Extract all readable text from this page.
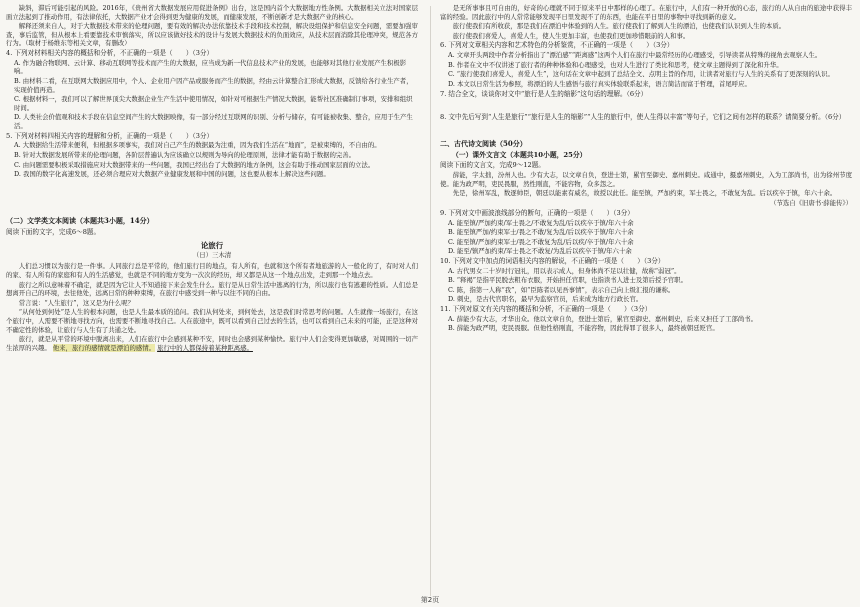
缺斜，滞后可能引起的风险。2016年，《贵州省大数据发展应用促进条例》出台，这是国内首个大数据地方性条例。大数据相关立法对国家层面立法起到了推动作用，有法律依托，大数据产业才会得到更为健康的发展，而健康发展，不断创新才是大数据产业的核心。

解释还须来自人，对于大数据技术带来的伦理问题，要有效的解决办法依靠技术手段和技术控制，解决设组保护和信息安全问题，需要加强审查，事后监管，但从根本上看要靠技术审慎落实，所以应该做好技术的设计与发展大数据技术的负面效应，从技术层面消除其伦理冲突，规范各方行为。（取材于杨维东等相关文章，有删改）

4. 下列对材料相关内容的概括和分析，不正确的一项是（　　）（3分）

A. 作为融合物联网、云计算、移动互联网等技术而产生的大数据，应当成为新一代信息技术产业的发展，也能够对其他行业发展产生积极影响。

B. 由材料二看，在互联网大数据应用中，个人、企业用户因产品或服务而产生的数据，经由云计算整合汇形成大数据，反馈给各行业生产者，实现价值再造。

C. 根据材料一，我们可以了解世界顶尖大数据企业生产生活中使用情况，如针对可根据生产情况大数据，能帮社区准确制订事项，安排和组织时间。

D. 人类社会价值观和技术手段在信息空间产生的大数据映像，有一部分经过互联网的识别、分析与储存，有可能被收集、整合，应用于生产生活。

5. 下列对材料四相关内容的理解和分析，正确的一项是（　　）（3分）

A. 大数据给生活带来便利，但根据多项事实，我们对自己产生的数据最为注重，因为我们生活在“地面”，是被束缚的，不自由的。

B. 针对大数据发展所带来的伦理问题，各阶层普遍认为应该确立以规则为导向的伦理原则，法律才能有助于数据的完善。

C. 由问题需要积极采取措施应对大数据带来的一些问题，我国已经出台了大数据的地方条例，这会有助于推动国家层面的立法。

D. 我国的数字化高速发展，还必须合理应对大数据产业健康发展和中国的问题，这也要从根本上解决这些问题。

（二）文学类文本阅读（本题共3小题，14分）

阅读下面的文字，完成6～8题。

论旅行

（日）三木清

人们总习惯以为旅行是一件事。人同旅行总是平常的，他们旅行目的地点，有人所有，也就和这个所有者地旅游的人一般化的了，有时对人们的家、有人所有的家庭和有人的生活感觉，也就是不同的地方变为一次次的经历，却又都是从这一个地点出发，走到那一个地点去。

旅行之所以意味着不确定，就是因为它让人不知道接下来会发生什么。旅行是从日常生活中逃离的行为，所以旅行也有逃避的性质。人们总是想离开自己的环境，去往他处，远离日常的种种束缚，在旅行中感受到一种与以往不同的自由。

常言说：“人生旅行”，这又是为什么呢？

“从何处到何处”是人生的根本问题，也是人生最本质的追问。我们从何处来，到何处去，这是我们时常思考的问题。人生就像一场旅行，在这个旅行中，人需要不断地寻找方向，也需要不断地寻找自己。人在旅途中，既可以看到自己过去的生活，也可以看到自己未来的可能，正是这种对不确定性的体验，让旅行与人生有了共通之处。

旅行，就是从平常的环境中脱离出来，人们在旅行中会感到某种不安，同时也会感到某种愉快。旅行中人们会变得更加敏感，对周围的一切产生浓厚的兴趣。 他来，旅行的感情就是漂泊的感情。 旅行中的人都保持着某种距离感。

是无所事事且可自由的，好奇的心理就不同于原来平日中那样的心理了。在旅行中，人们有一种开放的心态，旅行的人从自由的旅途中获得丰富的经验。因此旅行中的人常常能够发现平日里发现不了的东西，也能在平日里的事物中寻找到新的意义。

旅行使我们有所收获，那是我们在漂泊中体验到的人生。旅行使我们了解到人生的漂泊，也使我们认识到人生的本质。

旅行使我们喜爱人，喜爱人生，使人生更加丰富，也使我们更加珍惜眼前的人和事。

6. 下列对文章相关内容和艺术特色的分析鉴赏，不正确的一项是（　　）（3分）

A. 文章开头两段中作者分析指出了“漂泊感”“距离感”这两个人们在旅行中最常经历的心理感受，引导读者从特殊的视角去观察人生。

B. 作者在文中不仅讲述了旅行者的种种体验和心理感受，也对人生进行了类比和思考，使文章主题得到了深化和升华。

C. “旅行使我们喜爱人，喜爱人生”，这句话在文章中起到了总结全文、点明主旨的作用，让读者对旅行与人生的关系有了更深刻的认识。

D. 本文以日常生活为参照，将漂泊的人生感悟与旅行真实体验联系起来，语言简洁而富于哲理，首尾呼应。

7. 结合全文，谈谈你对文中“旅行是人生的缩影”这句话的理解。（6分）

8. 文中先后写到“人生是旅行”“旅行是人生的缩影”“人生的旅行中，使人生得以丰富”等句子，它们之间有怎样的联系？请简要分析。（6分）

二、古代诗文阅读（50分）

（一）课外文言文（本题共10小题，25分）

阅读下面的文言文，完成9～12题。

薛能，字太拙，汾州人也。少有大志，以文章自负，登进士第，累官至御史、嘉州刺史。咸通中，摄嘉州刺史，入为工部尚书，出为徐州节度使。能为政严明，吏民畏服，然性刚直，不能容物，众多怨之。

先是，徐州军乱，数逐帅臣，朝廷以能素有威名，故授以此任。能至镇，严加约束，军士畏之，不敢复为乱。后以疾卒于镇，年六十余。

（节选自《旧唐书·薛能传》）

9. 下列对文中画波浪线部分的断句，正确的一项是（　　）（3分）

A. 能至镇/严加约束/军士畏之/不敢复为乱/后以疾卒于镇/年六十余

B. 能至镇严加/约束军士/畏之不敢/复为乱/后以疾卒于镇/年六十余

C. 能至镇/严加约束军士/畏之不敢复为乱/后以疾/卒于镇/年六十余

D. 能至/镇严加约束/军士畏之不敢复/为乱后以疾卒于镇/年六十余

10. 下列对文中加点的词语相关内容的解说，不正确的一项是（　　）（3分）

A. 古代男女二十岁时行冠礼，用以表示成人，但身体尚不足以壮健，故称“弱冠”。

B. “释褐”是指平民脱去粗布衣服，开始担任官职，也指读书人进士及第后授予官职。

C. 陈，指第一人称“我”，如“臣陈者以见吾事情”，表示自己向上级汇报的谦称。

D. 刺史，是古代官职名，最早为监察官员，后来成为地方行政长官。

11. 下列对原文有关内容的概括和分析，不正确的一项是（　　）（3分）

A. 薛能少有大志，才华出众。他以文章自负，登进士第后，累官至御史、嘉州刺史，后来又担任了工部尚书。

B. 薛能为政严明，吏民畏服。但他性格刚直，不能容物，因此得罪了很多人，最终被朝廷贬官。

第2页
